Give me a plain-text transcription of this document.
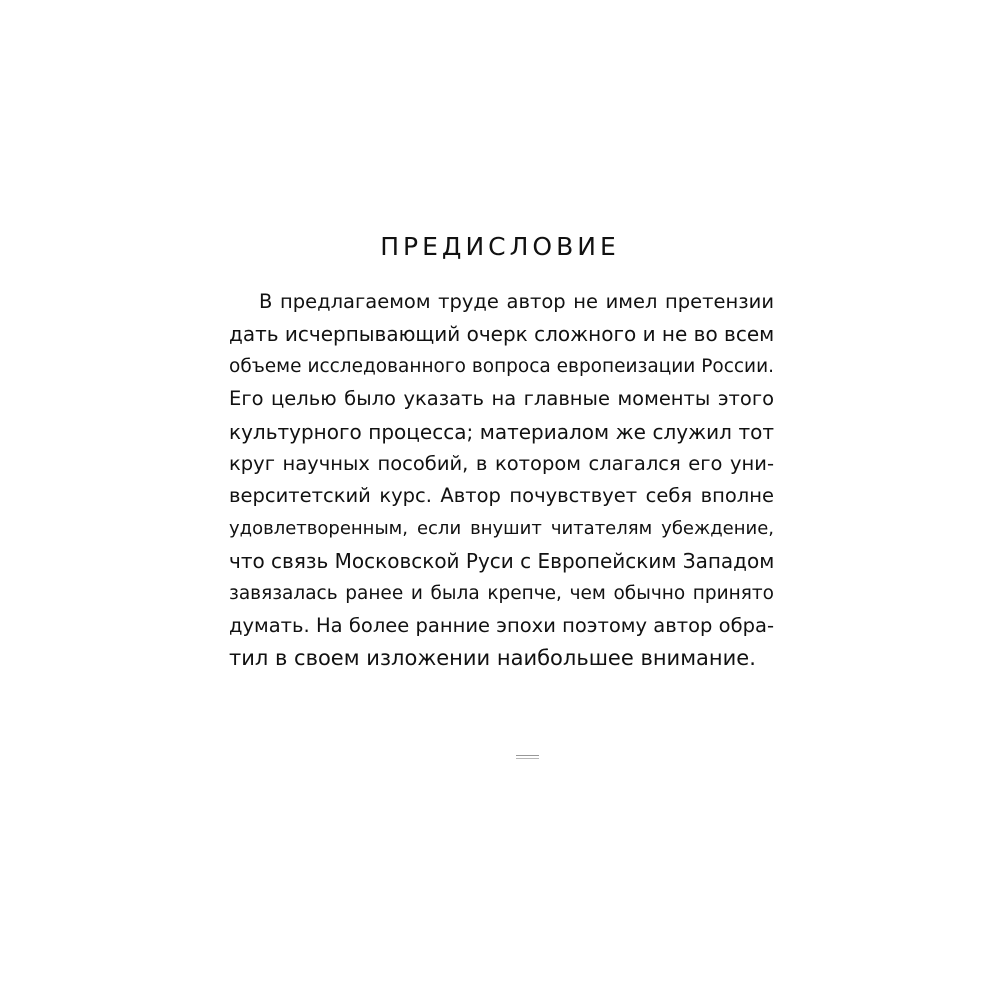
ПРЕДИСЛОВИЕ
В предлагаемом труде автор не имел претензии
дать исчерпывающий очерк сложного и не во всем
объеме исследованного вопроса европеизации России.
Его целью было указать на главные моменты этого
культурного процесса; материалом же служил тот
круг научных пособий, в котором слагался его уни-
верситетский курс. Автор почувствует себя вполне
удовлетворенным, если внушит читателям убеждение,
что связь Московской Руси с Европейским Западом
завязалась ранее и была крепче, чем обычно принято
думать. На более ранние эпохи поэтому автор обра-
тил в своем изложении наибольшее внимание.
